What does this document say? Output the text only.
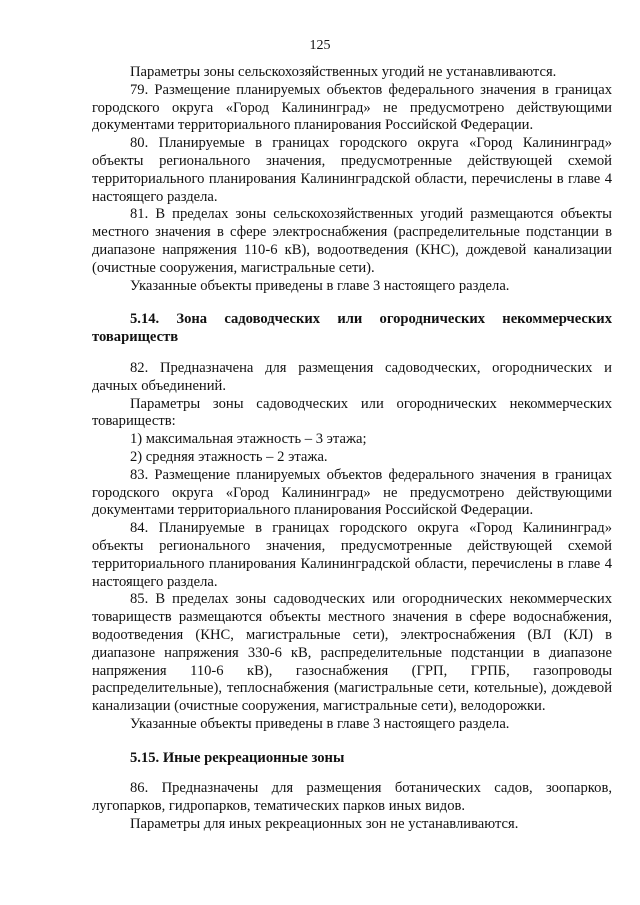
125

Параметры зоны сельскохозяйственных угодий не устанавливаются.

79. Размещение планируемых объектов федерального значения в границах городского округа «Город Калининград» не предусмотрено действующими документами территориального планирования Российской Федерации.

80. Планируемые в границах городского округа «Город Калининград» объекты регионального значения, предусмотренные действующей схемой территориального планирования Калининградской области, перечислены в главе 4 настоящего раздела.

81. В пределах зоны сельскохозяйственных угодий размещаются объекты местного значения в сфере электроснабжения (распределительные подстанции в диапазоне напряжения 110-6 кВ), водоотведения (КНС), дождевой канализации (очистные сооружения, магистральные сети).

Указанные объекты приведены в главе 3 настоящего раздела.

5.14. Зона садоводческих или огороднических некоммерческих товариществ

82. Предназначена для размещения садоводческих, огороднических и дачных объединений.

Параметры зоны садоводческих или огороднических некоммерческих товариществ:

1) максимальная этажность – 3 этажа;

2) средняя этажность – 2 этажа.

83. Размещение планируемых объектов федерального значения в границах городского округа «Город Калининград» не предусмотрено действующими документами территориального планирования Российской Федерации.

84. Планируемые в границах городского округа «Город Калининград» объекты регионального значения, предусмотренные действующей схемой территориального планирования Калининградской области, перечислены в главе 4 настоящего раздела.

85. В пределах зоны садоводческих или огороднических некоммерческих товариществ размещаются объекты местного значения в сфере водоснабжения, водоотведения (КНС, магистральные сети), электроснабжения (ВЛ (КЛ) в диапазоне напряжения 330-6 кВ, распределительные подстанции в диапазоне напряжения 110-6 кВ), газоснабжения (ГРП, ГРПБ, газопроводы распределительные), теплоснабжения (магистральные сети, котельные), дождевой канализации (очистные сооружения, магистральные сети), велодорожки.

Указанные объекты приведены в главе 3 настоящего раздела.

5.15. Иные рекреационные зоны

86. Предназначены для размещения ботанических садов, зоопарков, лугопарков, гидропарков, тематических парков иных видов.

Параметры для иных рекреационных зон не устанавливаются.
